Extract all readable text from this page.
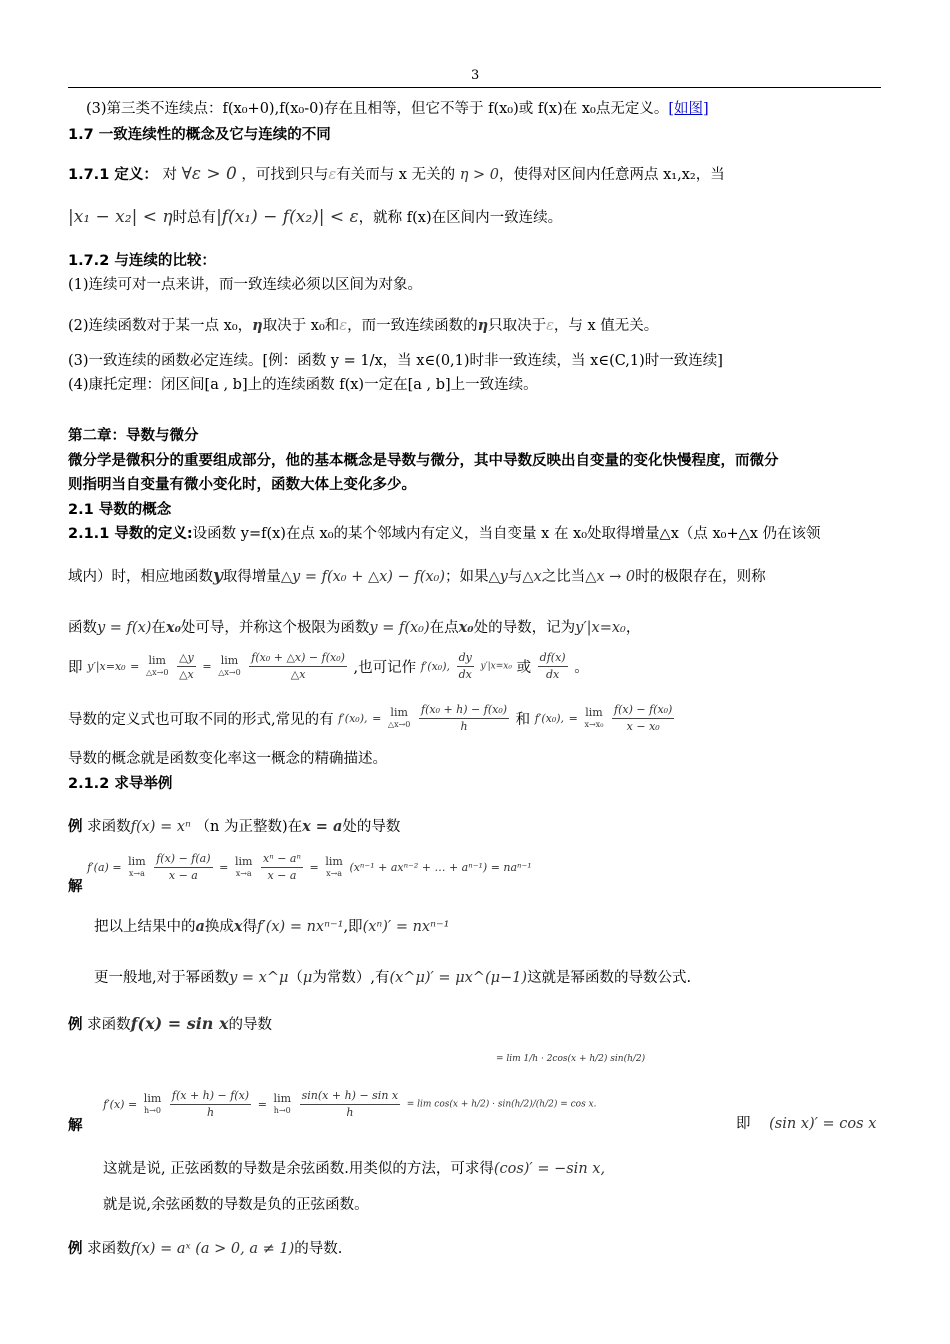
3
(3)第三类不连续点：f(x₀+0),f(x₀-0)存在且相等，但它不等于 f(x₀)或 f(x)在 x₀点无定义。[如图]
1.7 一致连续性的概念及它与连续的不同
1.7.1 定义： 对 ∀ε > 0 ，可找到只与ε有关而与 x 无关的 η > 0，使得对区间内任意两点 x₁,x₂，当
|x₁ − x₂| < η时总有|f(x₁) − f(x₂)| < ε，就称 f(x)在区间内一致连续。
1.7.2 与连续的比较：
(1)连续可对一点来讲，而一致连续必须以区间为对象。
(2)连续函数对于某一点 x₀，η取决于 x₀和ε，而一致连续函数的η只取决于ε，与 x 值无关。
(3)一致连续的函数必定连续。[例：函数 y = 1/x，当 x∈(0,1)时非一致连续，当 x∈(C,1)时一致连续]
(4)康托定理：闭区间[a , b]上的连续函数 f(x)一定在[a , b]上一致连续。
第二章：导数与微分
微分学是微积分的重要组成部分，他的基本概念是导数与微分，其中导数反映出自变量的变化快慢程度，而微分
则指明当自变量有微小变化时，函数大体上变化多少。
2.1 导数的概念
2.1.1 导数的定义:设函数 y=f(x)在点 x₀的某个邻域内有定义，当自变量 x 在 x₀处取得增量△x（点 x₀+△x 仍在该领
域内）时，相应地函数y取得增量△y = f(x₀ + △x) − f(x₀)；如果△y与△x之比当△x → 0时的极限存在，则称
函数y = f(x)在x₀处可导，并称这个极限为函数y = f(x₀)在点x₀处的导数，记为y′|x=x₀，
即 y′|x=x₀ = lim
△x→0
$\frac{\triangle y}{\triangle x} = \lim$
△x→0
$\frac{\text{f(x₀ + △x) − f(x₀)}}{\triangle x}$ ,也可记作 f′(x₀), $\frac{dy}{dx} y'|x=x_0$ 或 $\frac{df(x)}{dx}$ 。
导数的定义式也可取不同的形式,常见的有 f′(x₀), = lim
△x→0
$\frac{\text{f(x₀ + h) − f(x₀)}}{h}$ 和 f′(x₀), = lim
x→x₀
$\frac{\text{f(x) − f(x₀)}}{\text{x − x₀}}$
导数的概念就是函数变化率这一概念的精确描述。
2.1.2 求导举例
例 求函数f(x) = xⁿ （n 为正整数)在x = a处的导数
解 f′(a) = lim
x→a
$\frac{f(x) - f(a)}{x - a} = \lim$
x→a
$\frac{\text{xⁿ − aⁿ}}{x - a} = \lim$
x→a (xⁿ⁻¹ + axⁿ⁻² + … + aⁿ⁻¹) = naⁿ⁻¹
把以上结果中的a换成x得f′(x) = nxⁿ⁻¹,即(xⁿ)′ = nxⁿ⁻¹
更一般地,对于幂函数y = x^μ（μ为常数）,有(x^μ)′ = μx^(μ−1)这就是幂函数的导数公式.
例 求函数f(x) = sin x的导数
= lim 1/h · 2cos(x + h/2) sin(h/2)
解 f′(x) = lim
h→0
$\frac{f(x + h) - f(x)}{h} = \lim$
h→0
$\frac{\text{sin(x + h) − sin x}}{h} = \lim \cos(x + h/2) \cdot \sin(h/2)/(h/2) = \cos x$.
即 (sin x)′ = cos x
这就是说, 正弦函数的导数是余弦函数.用类似的方法，可求得(cos)′ = −sin x,
就是说,余弦函数的导数是负的正弦函数。
例 求函数f(x) = aˣ (a > 0, a ≠ 1)的导数.
